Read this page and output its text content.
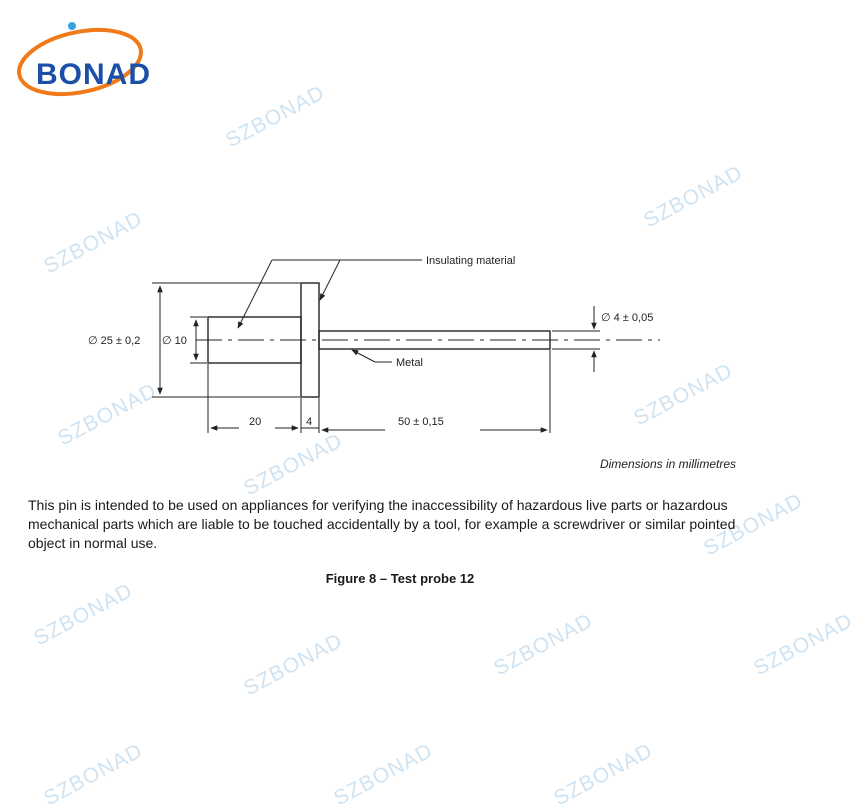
BONAD
SZBONAD
SZBONAD
SZBONAD
SZBONAD	SZBONAD
SZBONAD
SZBONAD
SZBONAD	SZBONAD
SZBONAD	SZBONAD
SZBONAD	SZBONAD	SZBONAD
Insulating material
Metal
∅ 25 ± 0,2 ∅ 10
∅ 4 ± 0,05
20	4	50 ± 0,15
Dimensions in millimetres

This pin is intended to be used on appliances for verifying the inaccessibility of hazardous live parts or hazardous mechanical parts which are liable to be touched accidentally by a tool, for example a screwdriver or similar pointed object in normal use.

Figure 8 – Test probe 12
